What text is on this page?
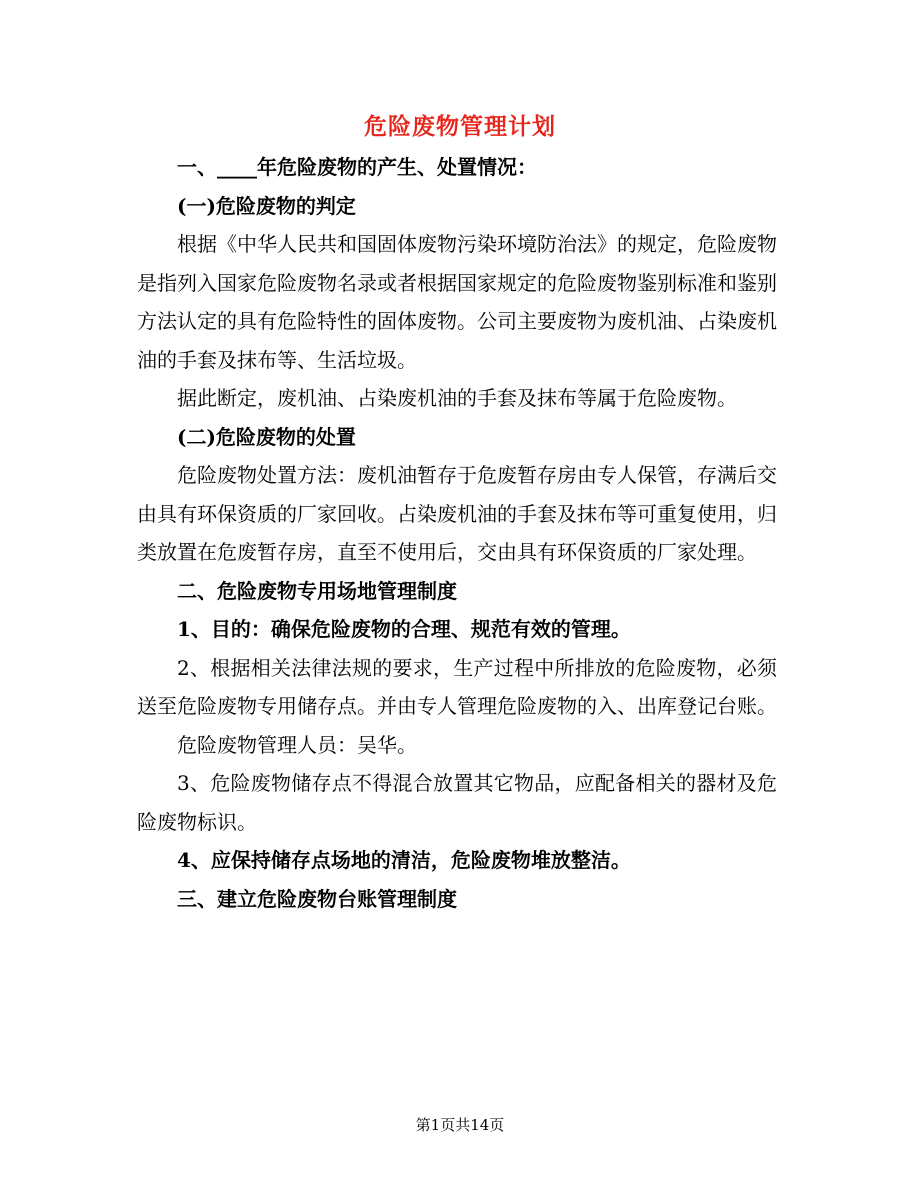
危险废物管理计划

一、____年危险废物的产生、处置情况：

(一)危险废物的判定

根据《中华人民共和国固体废物污染环境防治法》的规定，危险废物是指列入国家危险废物名录或者根据国家规定的危险废物鉴别标准和鉴别方法认定的具有危险特性的固体废物。公司主要废物为废机油、占染废机油的手套及抹布等、生活垃圾。

据此断定，废机油、占染废机油的手套及抹布等属于危险废物。

(二)危险废物的处置

危险废物处置方法：废机油暂存于危废暂存房由专人保管，存满后交由具有环保资质的厂家回收。占染废机油的手套及抹布等可重复使用，归类放置在危废暂存房，直至不使用后，交由具有环保资质的厂家处理。

二、危险废物专用场地管理制度

1、目的：确保危险废物的合理、规范有效的管理。

2、根据相关法律法规的要求，生产过程中所排放的危险废物，必须送至危险废物专用储存点。并由专人管理危险废物的入、出库登记台账。

危险废物管理人员：吴华。

3、危险废物储存点不得混合放置其它物品，应配备相关的器材及危险废物标识。

4、应保持储存点场地的清洁，危险废物堆放整洁。

三、建立危险废物台账管理制度

第1页共14页
